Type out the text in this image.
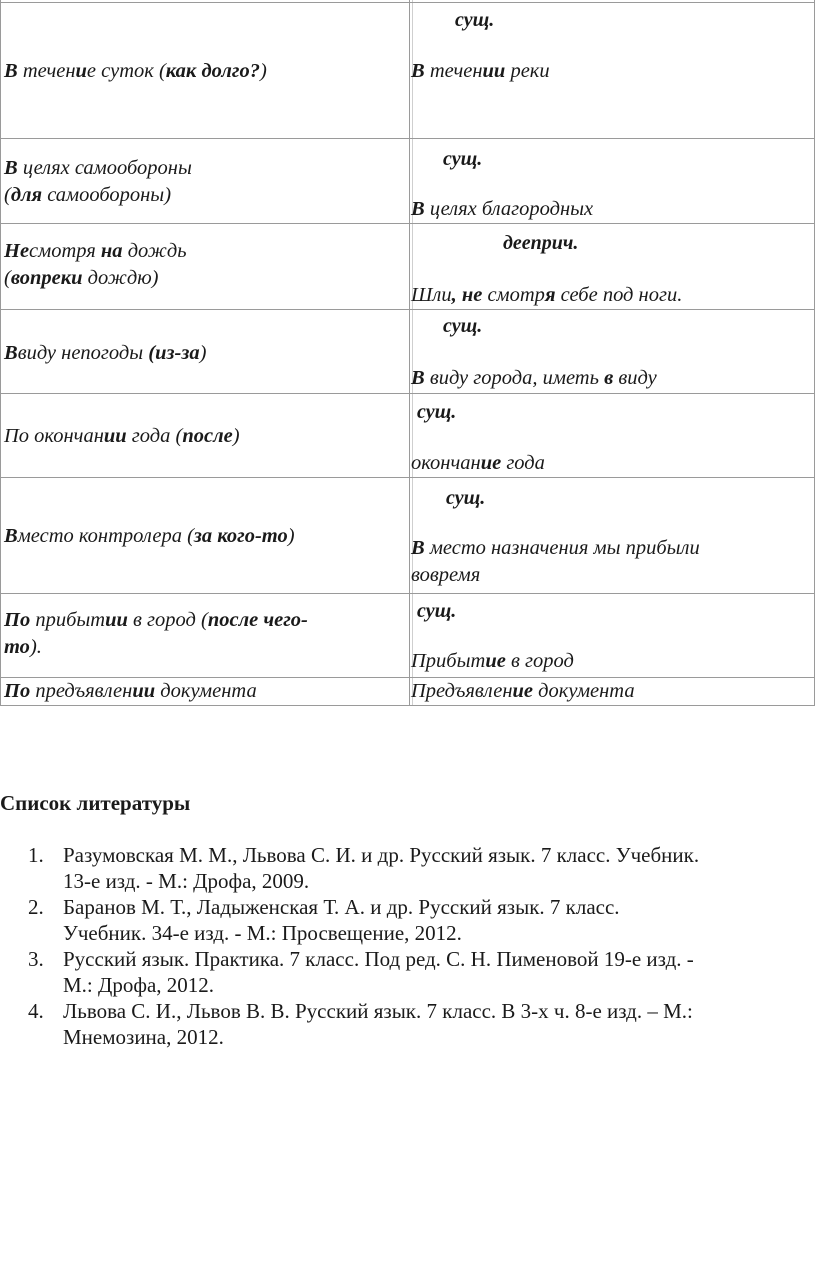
В течение суток (как долго?)
сущ.
В течении реки
В целях самообороны
(для самообороны)
сущ.
В целях благородных
Несмотря на дождь
(вопреки дождю)
дееприч.
Шли, не смотря себе под ноги.
Ввиду непогоды (из-за)
сущ.
В виду города, иметь в виду
По окончании года (после)
сущ.
окончание года
Вместо контролера (за кого-то)
сущ.
В место назначения мы прибыли
вовремя
По прибытии в город (после чего-
то).
сущ.
Прибытие в город
По предъявлении документа	Предъявление документа
Список литературы
1. Разумовская М. М., Львова С. И. и др. Русский язык. 7 класс. Учебник.
13-е изд. - М.: Дрофа, 2009.
2. Баранов М. Т., Ладыженская Т. А. и др. Русский язык. 7 класс.
Учебник. 34-е изд. - М.: Просвещение, 2012.
3. Русский язык. Практика. 7 класс. Под ред. С. Н. Пименовой 19-е изд. -
М.: Дрофа, 2012.
4. Львова С. И., Львов В. В. Русский язык. 7 класс. В 3-х ч. 8-е изд. – М.:
Мнемозина, 2012.
